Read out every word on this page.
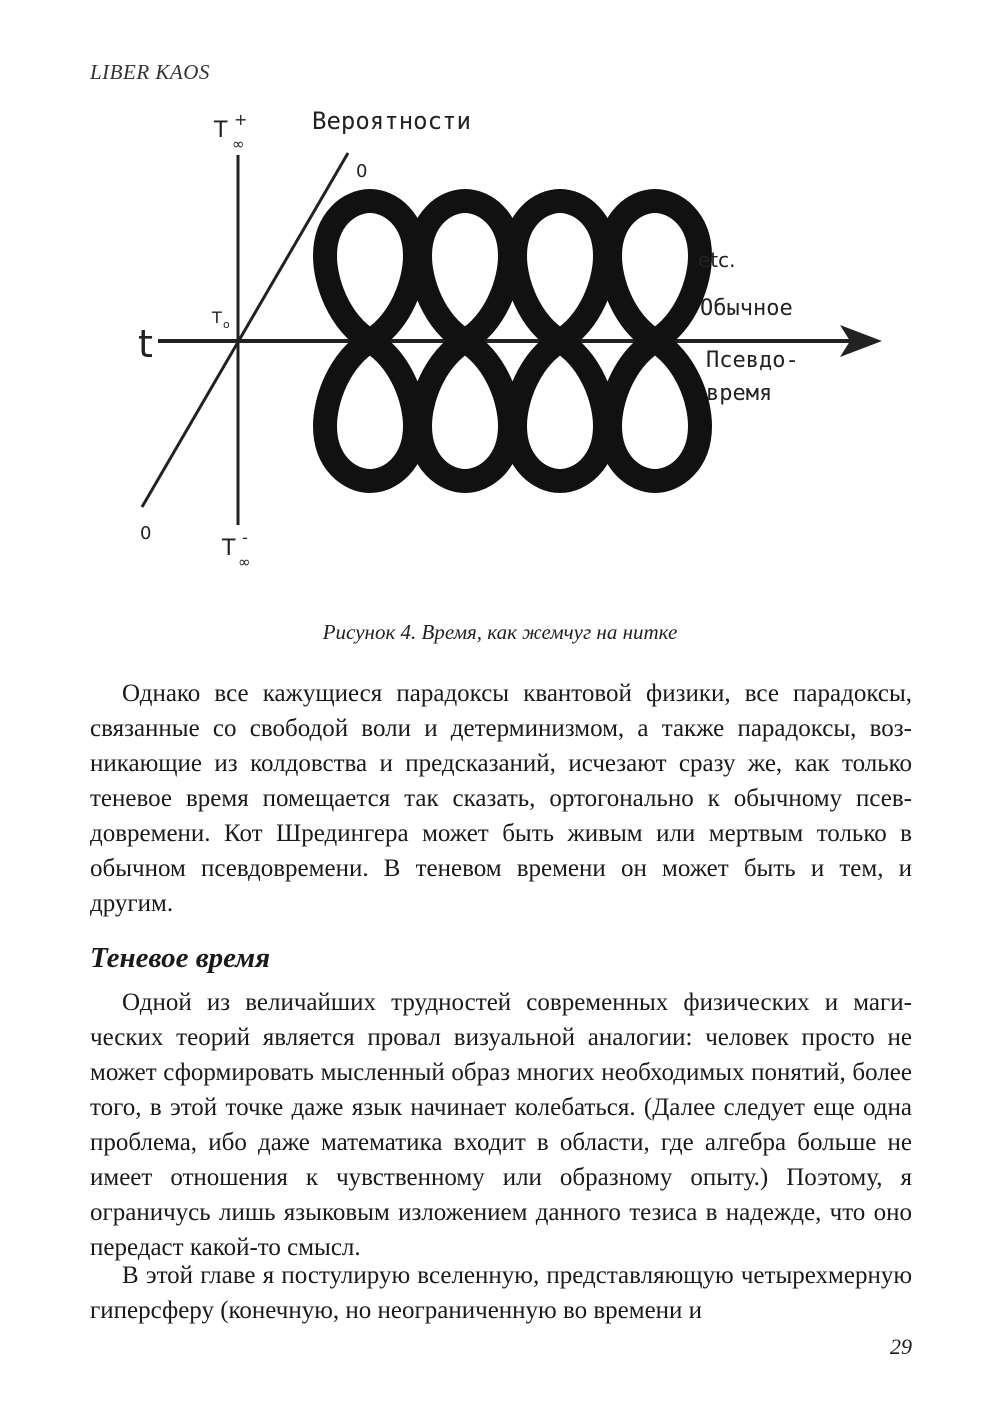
LIBER KAOS
Вероятности
T +
∞
0
t
T o
0
T -
∞
etc.
Обычное
Псевдо-
время
Рисунок 4. Время, как жемчуг на нитке

Однако все кажущиеся парадоксы квантовой физики, все парадоксы, связанные со свободой воли и детерминизмом, а также парадоксы, возникающие из колдовства и предсказаний, исчезают сразу же, как только теневое время помещается так сказать, ортогонально к обычному псевдовремени. Кот Шредингера может быть живым или мертвым только в обычном псевдовремени. В теневом времени он может быть и тем, и другим.

Теневое время

Одной из величайших трудностей современных физических и магических теорий является провал визуальной аналогии: человек просто не может сформировать мысленный образ многих необходимых понятий, более того, в этой точке даже язык начинает колебаться. (Далее следует еще одна проблема, ибо даже математика входит в области, где алгебра больше не имеет отношения к чувственному или образному опыту.) Поэтому, я ограничусь лишь языковым изложением данного тезиса в надежде, что оно передаст какой-то смысл.

В этой главе я постулирую вселенную, представляющую четырехмерную гиперсферу (конечную, но неограниченную во времени и

29
